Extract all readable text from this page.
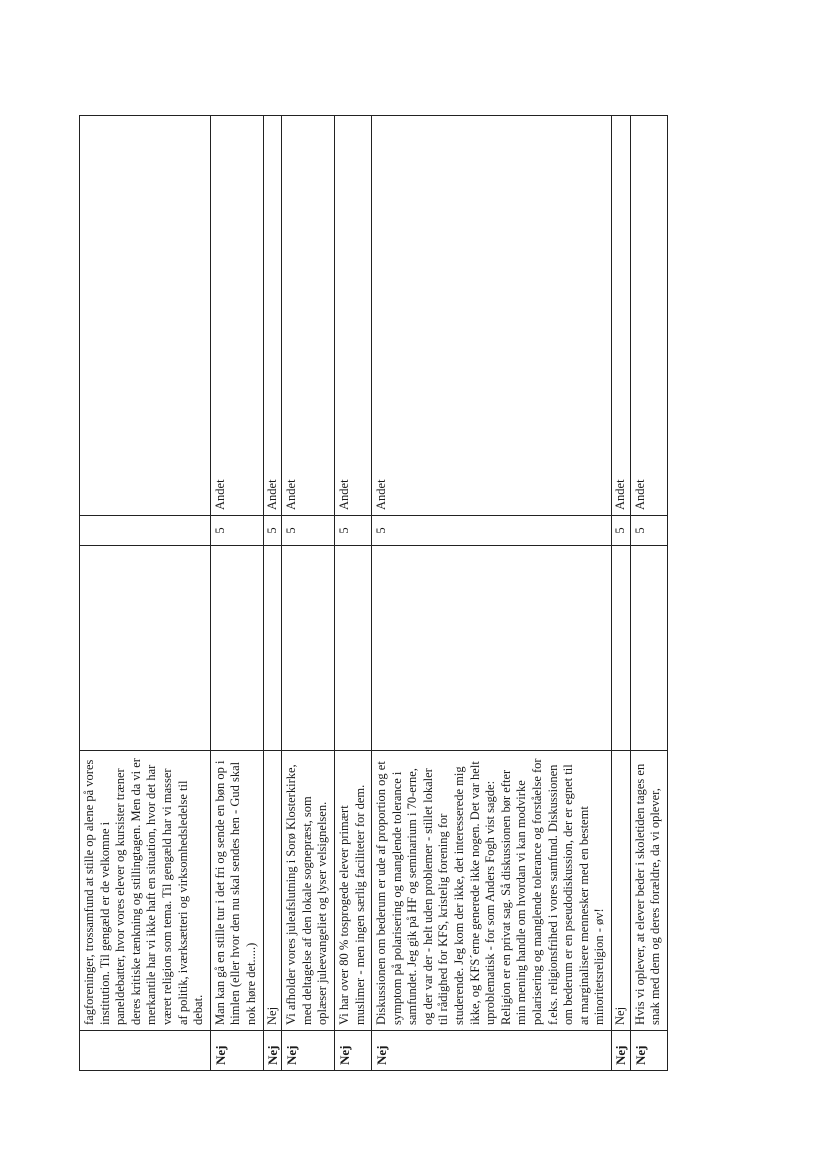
	fagforeninger, trossamfund at stille op alene på vores institution. Til gengæld er de velkomne i paneldebatter, hvor vores elever og kursister træner deres kritiske tænkning og stillingtagen. Men da vi er merkantile har vi ikke haft en situation, hvor det har været religion som tema. Til gengæld har vi masser af politik, iværksætteri og virksomhedsledelse til debat.			

Nej	Man kan gå en stille tur i det fri og sende en bøn op i himlen (eller hvor den nu skal sendes hen - Gud skal nok høre det.....)		5	Andet
Nej	Nej		5	Andet
Nej	Vi afholder vores juleafslutning i Sorø Klosterkirke, med deltagelse af den lokale sognepræst, som oplæser juleevangeliet og lyser velsignelsen.		5	Andet
Nej	Vi har over 80 % tosprogede elever primært muslimer - men ingen særlig faciliteter for dem.		5	Andet
Nej	Diskussionen om bederum er ude af proportion og et symptom på polarisering og manglende tolerance i samfundet. Jeg gik på HF og seminarium i 70-erne, og der var der - helt uden problemer - stillet lokaler til rådighed for KFS, kristelig forening for studerende. Jeg kom der ikke, det interesserede mig ikke, og KFS´erne generede ikke nogen. Det var helt uproblematisk - for som Anders Fogh vist sagde: Religion er en privat sag. Så diskussionen bør efter min mening handle om hvordan vi kan modvirke polarisering og manglende tolerance og forståelse for f.eks. religionsfrihed i vores samfund. Diskussionen om bederum er en pseudodiskussion, der er egnet til at marginalisere mennesker med en bestemt minoritetsreligion - øv!		5	Andet
Nej	Nej		5	Andet
Nej	Hvis vi oplever, at elever beder i skoletiden tages en snak med dem og deres forældre, da vi oplever,		5	Andet
